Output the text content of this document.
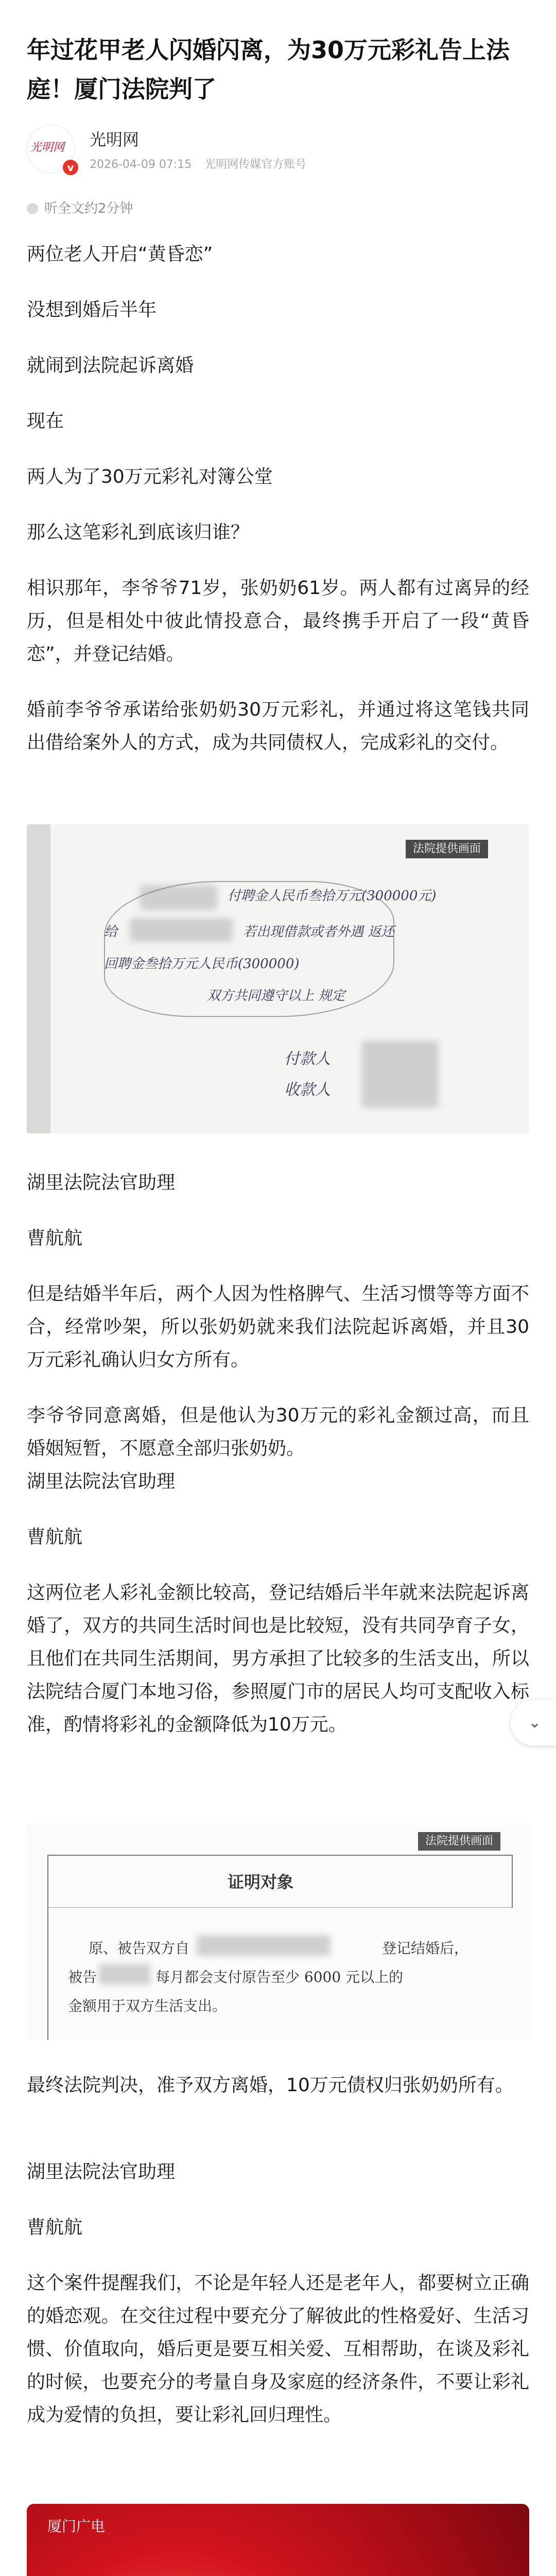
年过花甲老人闪婚闪离，为30万元彩礼告上法庭！厦门法院判了
光明网
v
光明网
2026-04-09 07:15 光明网传媒官方账号
听全文约2分钟

两位老人开启“黄昏恋”

没想到婚后半年

就闹到法院起诉离婚

现在

两人为了30万元彩礼对簿公堂

那么这笔彩礼到底该归谁？

相识那年，李爷爷71岁，张奶奶61岁。两人都有过离异的经历，但是相处中彼此情投意合，最终携手开启了一段“黄昏恋”，并登记结婚。

婚前李爷爷承诺给张奶奶30万元彩礼，并通过将这笔钱共同出借给案外人的方式，成为共同债权人，完成彩礼的交付。

法院提供画面
付聘金人民币叁拾万元(300000元)
给	若出现借款或者外遇 返还
回聘金叁拾万元人民币(300000)
双方共同遵守以上 规定
付款人
收款人

湖里法院法官助理

曹航航

但是结婚半年后，两个人因为性格脾气、生活习惯等等方面不合，经常吵架，所以张奶奶就来我们法院起诉离婚，并且30万元彩礼确认归女方所有。

李爷爷同意离婚，但是他认为30万元的彩礼金额过高，而且婚姻短暂，不愿意全部归张奶奶。

湖里法院法官助理

曹航航

这两位老人彩礼金额比较高，登记结婚后半年就来法院起诉离婚了，双方的共同生活时间也是比较短，没有共同孕育子女，且他们在共同生活期间，男方承担了比较多的生活支出，所以法院结合厦门本地习俗，参照厦门市的居民人均可支配收入标准，酌情将彩礼的金额降低为10万元。

法院提供画面
证明对象
原、被告双方自	登记结婚后，
被告	每月都会支付原告至少 6000 元以上的
金额用于双方生活支出。
⌄

最终法院判决，准予双方离婚，10万元债权归张奶奶所有。

湖里法院法官助理

曹航航

这个案件提醒我们，不论是年轻人还是老年人，都要树立正确的婚恋观。在交往过程中要充分了解彼此的性格爱好、生活习惯、价值取向，婚后更是要互相关爱、互相帮助，在谈及彩礼的时候，也要充分的考量自身及家庭的经济条件，不要让彩礼成为爱情的负担，要让彩礼回归理性。

厦门广电
